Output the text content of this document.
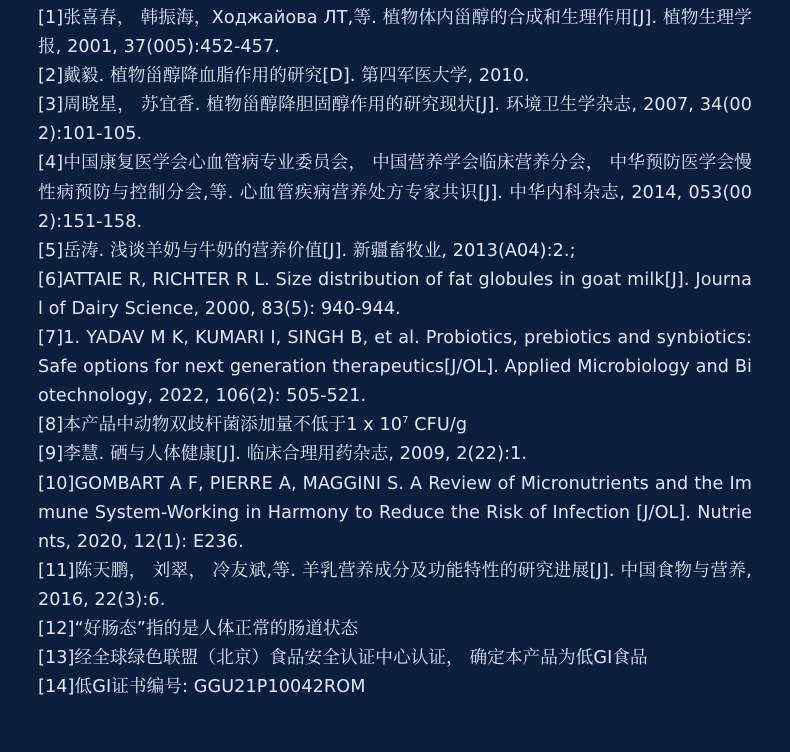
[1]张喜春， 韩振海，Ходжайова ЛТ,等. 植物体内甾醇的合成和生理作用[J]. 植物生理学报, 2001, 37(005):452-457.
[2]戴毅. 植物甾醇降血脂作用的研究[D]. 第四军医大学, 2010.
[3]周晓星， 苏宜香. 植物甾醇降胆固醇作用的研究现状[J]. 环境卫生学杂志, 2007, 34(002):101-105.
[4]中国康复医学会心血管病专业委员会， 中国营养学会临床营养分会， 中华预防医学会慢性病预防与控制分会,等. 心血管疾病营养处方专家共识[J]. 中华内科杂志, 2014, 053(002):151-158.
[5]岳涛. 浅谈羊奶与牛奶的营养价值[J]. 新疆畜牧业, 2013(A04):2.;
[6]ATTAIE R, RICHTER R L. Size distribution of fat globules in goat milk[J]. Journal of Dairy Science, 2000, 83(5): 940-944.
[7]1. YADAV M K, KUMARI I, SINGH B, et al. Probiotics, prebiotics and synbiotics: Safe options for next generation therapeutics[J/OL]. Applied Microbiology and Biotechnology, 2022, 106(2): 505-521.
[8]本产品中动物双歧杆菌添加量不低于1 x $10^7$ CFU/g
[9]李慧. 硒与人体健康[J]. 临床合理用药杂志, 2009, 2(22):1.
[10]GOMBART A F, PIERRE A, MAGGINI S. A Review of Micronutrients and the Immune System-Working in Harmony to Reduce the Risk of Infection [J/OL]. Nutrients, 2020, 12(1): E236.
[11]陈天鹏， 刘翠， 冷友斌,等. 羊乳营养成分及功能特性的研究进展[J]. 中国食物与营养, 2016, 22(3):6.
[12]“好肠态”指的是人体正常的肠道状态
[13]经全球绿色联盟（北京）食品安全认证中心认证， 确定本产品为低GI食品
[14]低GI证书编号: GGU21P10042ROM
